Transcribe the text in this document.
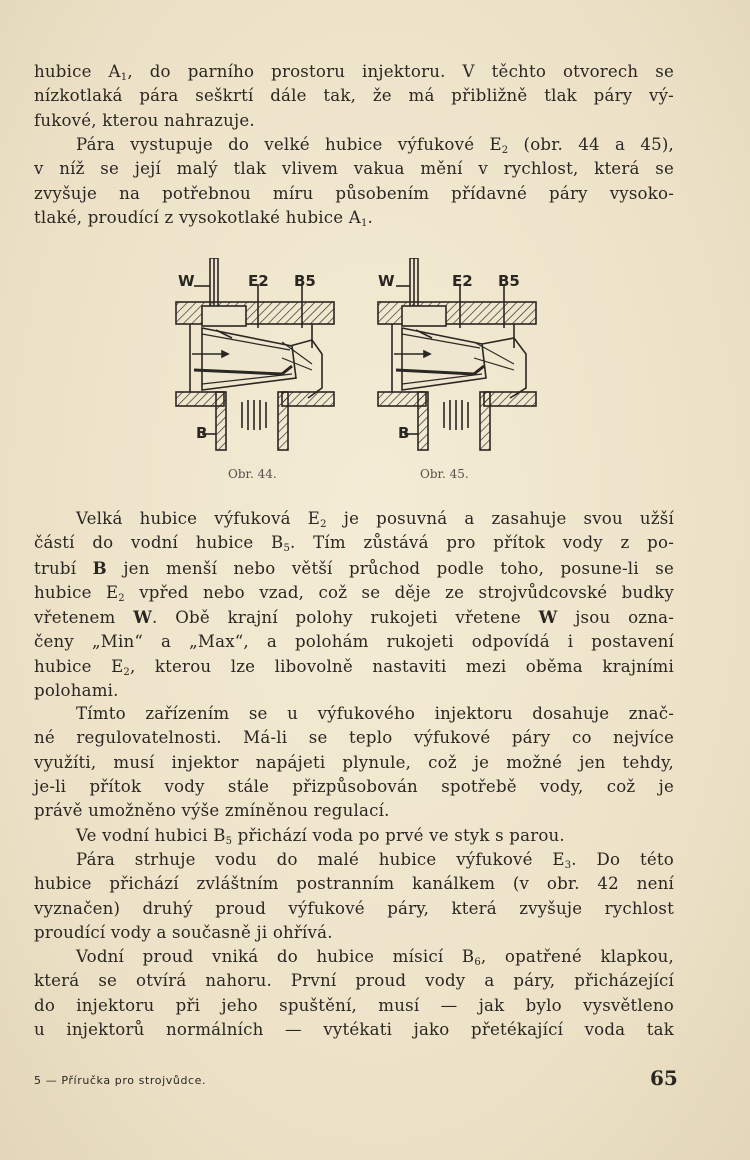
hubice $A_1$, do parního prostoru injektoru. V těchto otvorech se
nízkotlaká pára seškrtí dále tak, že má přibližně tlak páry vý-
fukové, kterou nahrazuje.
Pára vystupuje do velké hubice výfukové $E_2$ (obr. 44 a 45),
v níž se její malý tlak vlivem vakua mění v rychlost, která se
zvyšuje na potřebnou míru působením přídavné páry vysoko-
tlaké, proudící z vysokotlaké hubice $A_1$.
W	E2 B5
B
Obr. 44.
W	E2 B5
B
Obr. 45.
Velká hubice výfuková $E_2$ je posuvná a zasahuje svou užší
částí do vodní hubice $B_5$. Tím zůstává pro přítok vody z po-
trubí B jen menší nebo větší průchod podle toho, posune-li se
hubice $E_2$ vpřed nebo vzad, což se děje ze strojvůdcovské budky
vřetenem W. Obě krajní polohy rukojeti vřetene W jsou ozna-
čeny „Min“ a „Max“, a polohám rukojeti odpovídá i postavení
hubice $E_2$, kterou lze libovolně nastaviti mezi oběma krajními
polohami.
Tímto zařízením se u výfukového injektoru dosahuje znač-
né regulovatelnosti. Má-li se teplo výfukové páry co nejvíce
využíti, musí injektor napájeti plynule, což je možné jen tehdy,
je-li přítok vody stále přizpůsobován spotřebě vody, což je
právě umožněno výše zmíněnou regulací.
Ve vodní hubici $B_5$ přichází voda po prvé ve styk s parou.
Pára strhuje vodu do malé hubice výfukové $E_3$. Do této
hubice přichází zvláštním postranním kanálkem (v obr. 42 není
vyznačen) druhý proud výfukové páry, která zvyšuje rychlost
proudící vody a současně ji ohřívá.
Vodní proud vniká do hubice mísicí $B_6$, opatřené klapkou,
která se otvírá nahoru. První proud vody a páry, přicházející
do injektoru při jeho spuštění, musí — jak bylo vysvětleno
u injektorů normálních — vytékati jako přetékající voda tak
5 — Příručka pro strojvůdce.	65
